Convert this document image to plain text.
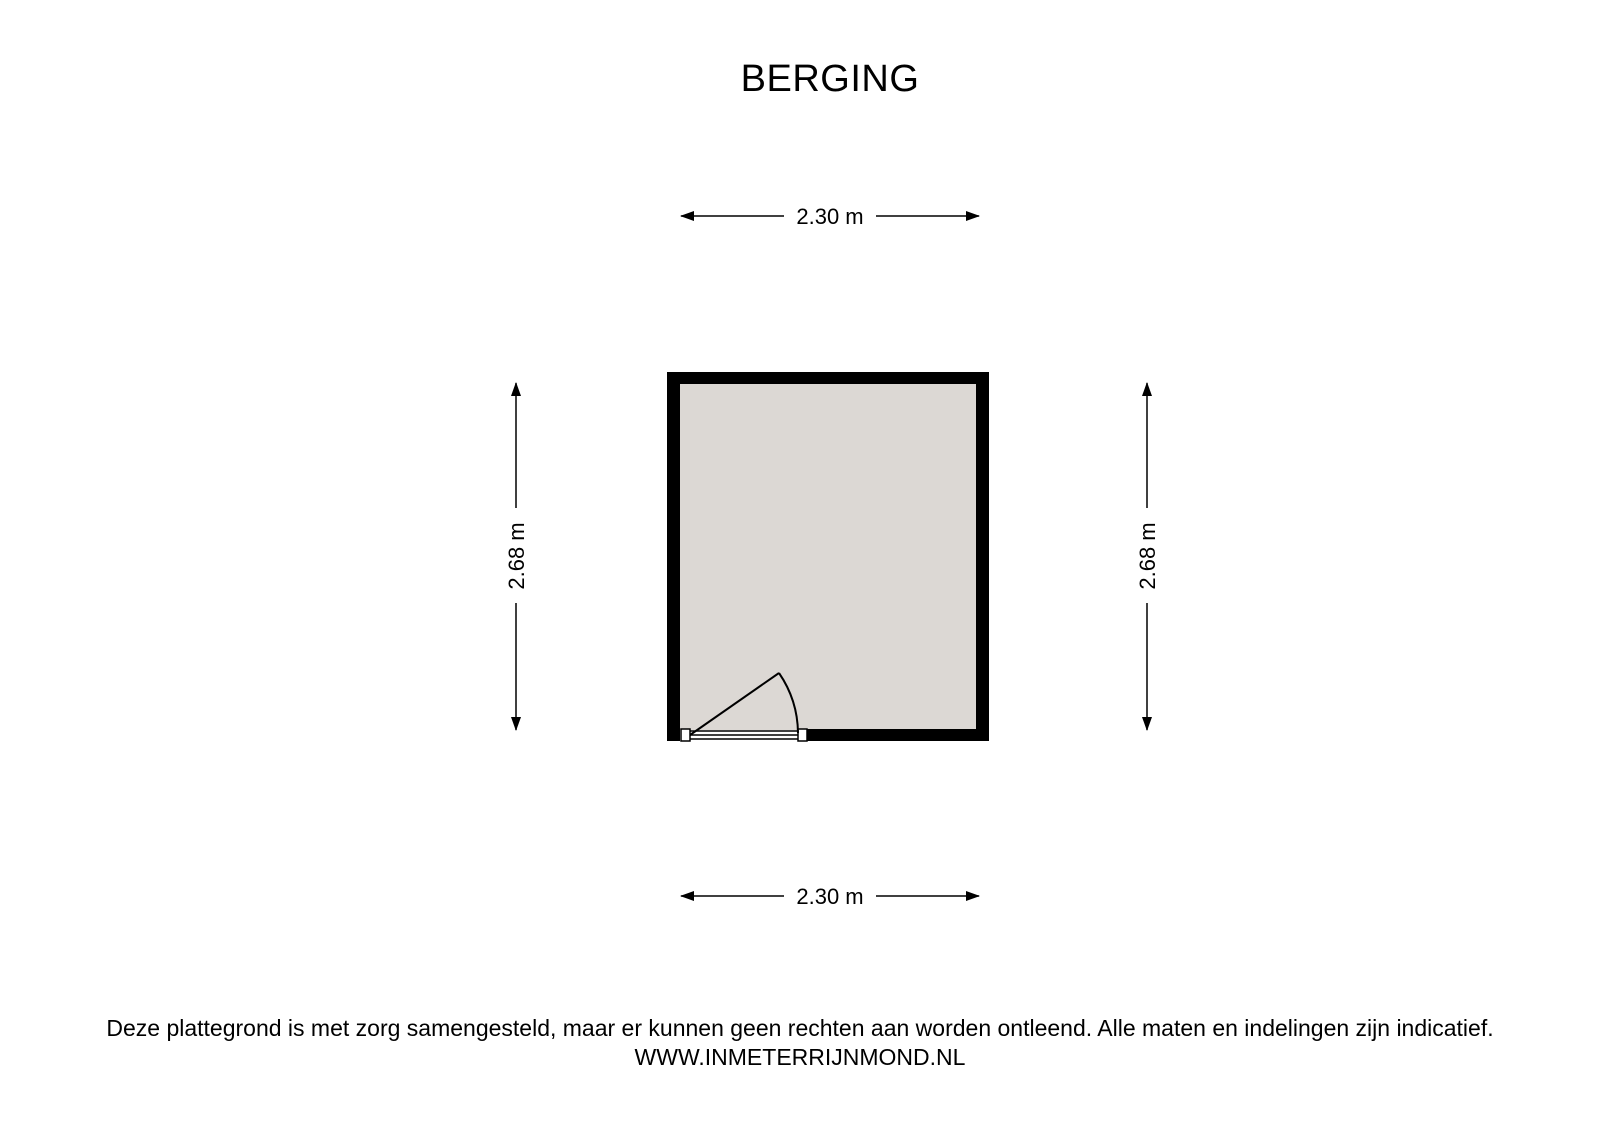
BERGING
2.30 m
2.30 m
2.68 m	2.68 m
Deze plattegrond is met zorg samengesteld, maar er kunnen geen rechten aan worden ontleend. Alle maten en indelingen zijn indicatief.
WWW.INMETERRIJNMOND.NL
